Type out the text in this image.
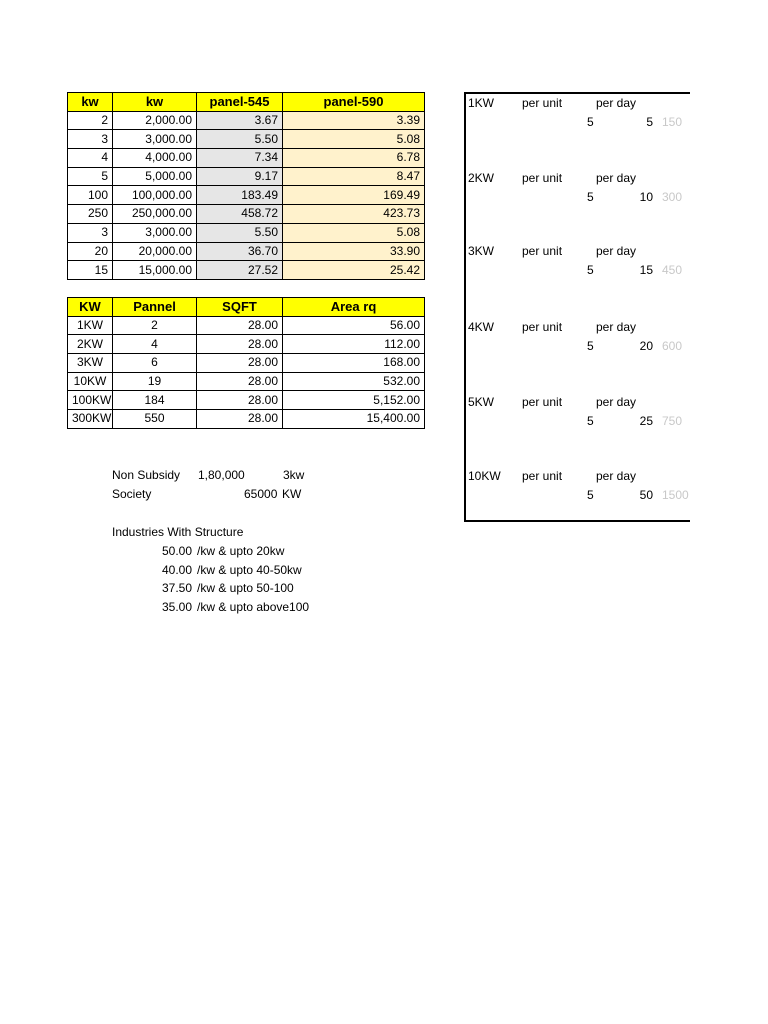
kw	kw	panel-545	panel-590
2	2,000.00	3.67	3.39
3	3,000.00	5.50	5.08
4	4,000.00	7.34	6.78
5	5,000.00	9.17	8.47
100	100,000.00	183.49	169.49
250	250,000.00	458.72	423.73
3	3,000.00	5.50	5.08
20	20,000.00	36.70	33.90
15	15,000.00	27.52	25.42
KW	Pannel	SQFT	Area rq
1KW	2	28.00	56.00
2KW	4	28.00	112.00
3KW	6	28.00	168.00
10KW	19	28.00	532.00
100KW	184	28.00	5,152.00
300KW	550	28.00	15,400.00
Non Subsidy 1,80,000	3kw
Society	65000 KW
Industries With Structure
50.00 /kw & upto 20kw
40.00 /kw & upto 40-50kw
37.50 /kw & upto 50-100
35.00 /kw & upto above100
1KW per unit	per day
5	5 150
2KW per unit	per day
5	10 300
3KW per unit	per day
5	15 450
4KW per unit	per day
5	20 600
5KW per unit	per day
5	25 750
10KW per unit	per day
5	50 1500
